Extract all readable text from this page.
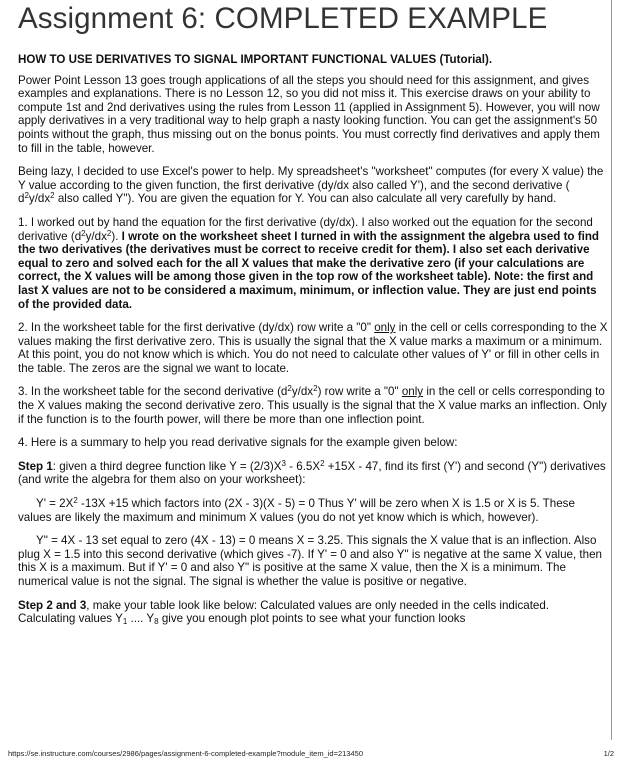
Assignment 6: COMPLETED EXAMPLE

HOW TO USE DERIVATIVES TO SIGNAL IMPORTANT FUNCTIONAL VALUES (Tutorial).

Power Point Lesson 13 goes trough applications of all the steps you should need for this assignment, and gives examples and explanations. There is no Lesson 12, so you did not miss it. This exercise draws on your ability to compute 1st and 2nd derivatives using the rules from Lesson 11 (applied in Assignment 5). However, you will now apply derivatives in a very traditional way to help graph a nasty looking function. You can get the assignment's 50 points without the graph, thus missing out on the bonus points. You must correctly find derivatives and apply them to fill in the table, however.

Being lazy, I decided to use Excel's power to help. My spreadsheet's "worksheet" computes (for every X value) the Y value according to the given function, the first derivative (dy/dx also called Y'), and the second derivative ( $d^2y/dx^2$ also called Y"). You are given the equation for Y. You can also calculate all very carefully by hand.

1. I worked out by hand the equation for the first derivative (dy/dx). I also worked out the equation for the second derivative $(d^2y/dx^2)$. I wrote on the worksheet sheet I turned in with the assignment the algebra used to find the two derivatives (the derivatives must be correct to receive credit for them). I also set each derivative equal to zero and solved each for the all X values that make the derivative zero (if your calculations are correct, the X values will be among those given in the top row of the worksheet table). Note: the first and last X values are not to be considered a maximum, minimum, or inflection value. They are just end points of the provided data.

2. In the worksheet table for the first derivative (dy/dx) row write a "0" only in the cell or cells corresponding to the X values making the first derivative zero. This is usually the signal that the X value marks a maximum or a minimum. At this point, you do not know which is which. You do not need to calculate other values of Y' or fill in other cells in the table. The zeros are the signal we want to locate.

3. In the worksheet table for the second derivative $(d^2y/dx^2)$ row write a "0" only in the cell or cells corresponding to the X values making the second derivative zero. This usually is the signal that the X value marks an inflection. Only if the function is to the fourth power, will there be more than one inflection point.

4. Here is a summary to help you read derivative signals for the example given below:

Step 1: given a third degree function like $Y = (2/3)X^3 - 6.5X^2 +15X - 47$, find its first (Y') and second (Y") derivatives (and write the algebra for them also on your worksheet):

$Y' = 2X^2$ -13X +15 which factors into (2X - 3)(X - 5) = 0 Thus Y' will be zero when X is 1.5 or X is 5. These values are likely the maximum and minimum X values (you do not yet know which is which, however).

Y" = 4X - 13 set equal to zero (4X - 13) = 0 means X = 3.25. This signals the X value that is an inflection. Also plug X = 1.5 into this second derivative (which gives -7). If Y' = 0 and also Y" is negative at the same X value, then this X is a maximum. But if Y' = 0 and also Y" is positive at the same X value, then the X is a minimum. The numerical value is not the signal. The signal is whether the value is positive or negative.

Step 2 and 3, make your table look like below: Calculated values are only needed in the cells indicated. Calculating values $Y_1$ .... $Y_8$ give you enough plot points to see what your function looks

https://se.instructure.com/courses/2986/pages/assignment-6-completed-example?module_item_id=213450	1/2
